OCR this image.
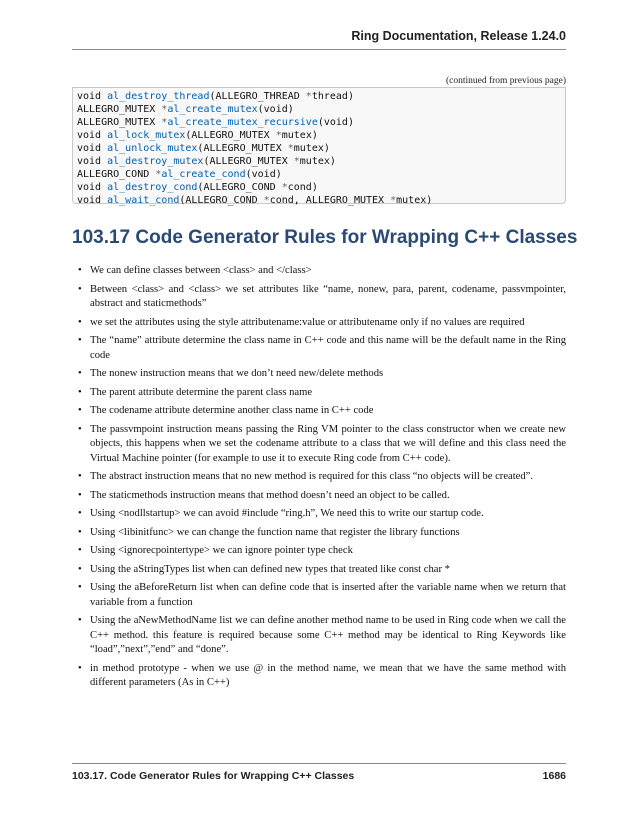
Ring Documentation, Release 1.24.0
(continued from previous page)
void al_destroy_thread(ALLEGRO_THREAD *thread)
ALLEGRO_MUTEX *al_create_mutex(void)
ALLEGRO_MUTEX *al_create_mutex_recursive(void)
void al_lock_mutex(ALLEGRO_MUTEX *mutex)
void al_unlock_mutex(ALLEGRO_MUTEX *mutex)
void al_destroy_mutex(ALLEGRO_MUTEX *mutex)
ALLEGRO_COND *al_create_cond(void)
void al_destroy_cond(ALLEGRO_COND *cond)
void al_wait_cond(ALLEGRO_COND *cond, ALLEGRO_MUTEX *mutex)
103.17 Code Generator Rules for Wrapping C++ Classes
• We can define classes between <class> and </class>
• Between <class> and <class> we set attributes like “name, nonew, para, parent, codename, passvmpointer, abstract and staticmethods”
• we set the attributes using the style attributename:value or attributename only if no values are required
• The “name” attribute determine the class name in C++ code and this name will be the default name in the Ring code
• The nonew instruction means that we don’t need new/delete methods
• The parent attribute determine the parent class name
• The codename attribute determine another class name in C++ code
• The passvmpoint instruction means passing the Ring VM pointer to the class constructor when we create new objects, this happens when we set the codename attribute to a class that we will define and this class need the Virtual Machine pointer (for example to use it to execute Ring code from C++ code).
• The abstract instruction means that no new method is required for this class “no objects will be created”.
• The staticmethods instruction means that method doesn’t need an object to be called.
• Using <nodllstartup> we can avoid #include “ring.h”, We need this to write our startup code.
• Using <libinitfunc> we can change the function name that register the library functions
• Using <ignorecpointertype> we can ignore pointer type check
• Using the aStringTypes list when can defined new types that treated like const char *
• Using the aBeforeReturn list when can define code that is inserted after the variable name when we return that variable from a function
• Using the aNewMethodName list we can define another method name to be used in Ring code when we call the C++ method. this feature is required because some C++ method may be identical to Ring Keywords like “load”,”next”,”end” and “done”.
• in method prototype - when we use @ in the method name, we mean that we have the same method with different parameters (As in C++)
103.17. Code Generator Rules for Wrapping C++ Classes	1686
